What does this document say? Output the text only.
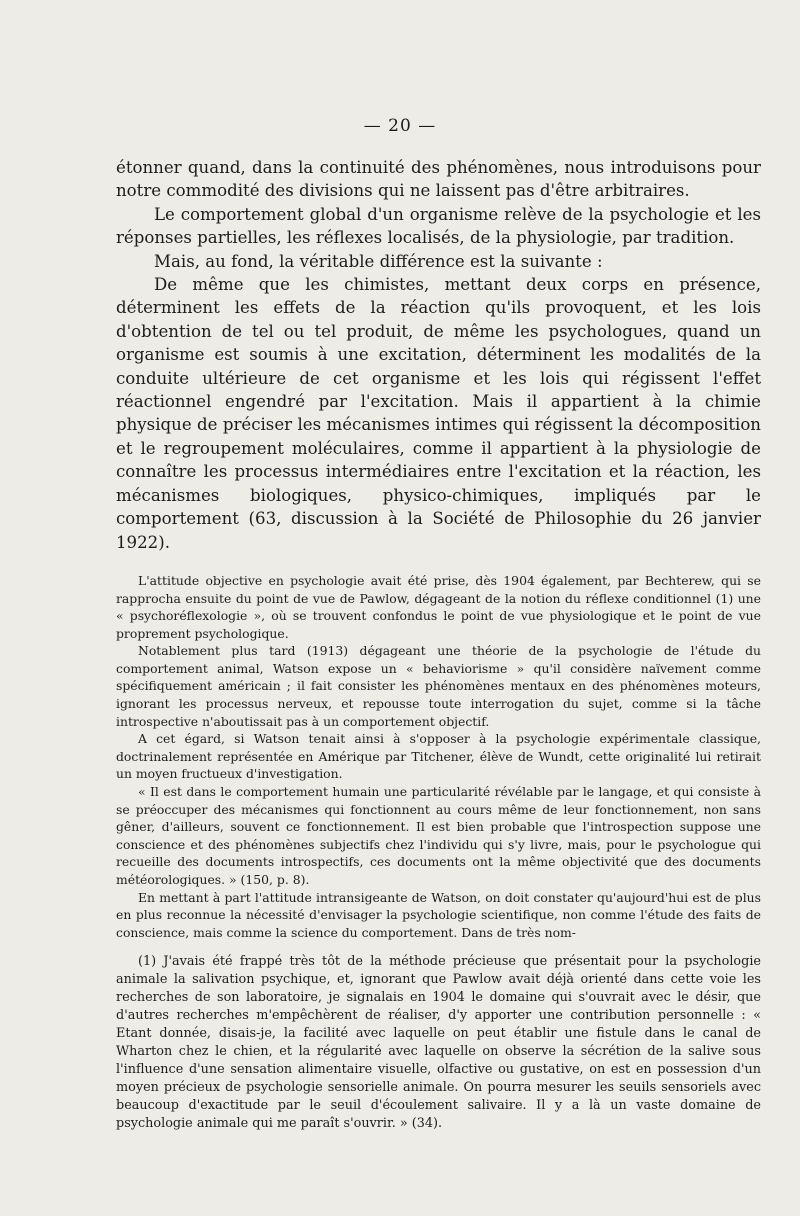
— 20 —

étonner quand, dans la continuité des phénomènes, nous introduisons pour notre commodité des divisions qui ne laissent pas d'être arbitraires.

Le comportement global d'un organisme relève de la psychologie et les réponses partielles, les réflexes localisés, de la physiologie, par tradition.

Mais, au fond, la véritable différence est la suivante :

De même que les chimistes, mettant deux corps en présence, déterminent les effets de la réaction qu'ils provoquent, et les lois d'obtention de tel ou tel produit, de même les psychologues, quand un organisme est soumis à une excitation, déterminent les modalités de la conduite ultérieure de cet organisme et les lois qui régissent l'effet réactionnel engendré par l'excitation. Mais il appartient à la chimie physique de préciser les mécanismes intimes qui régissent la décomposition et le regroupement moléculaires, comme il appartient à la physiologie de connaître les processus intermédiaires entre l'excitation et la réaction, les mécanismes biologiques, physico-chimiques, impliqués par le comportement (63, discussion à la Société de Philosophie du 26 janvier 1922).

L'attitude objective en psychologie avait été prise, dès 1904 également, par Bechterew, qui se rapprocha ensuite du point de vue de Pawlow, dégageant de la notion du réflexe conditionnel (1) une « psychoréflexologie », où se trouvent confondus le point de vue physiologique et le point de vue proprement psychologique.

Notablement plus tard (1913) dégageant une théorie de la psychologie de l'étude du comportement animal, Watson expose un « behaviorisme » qu'il considère naïvement comme spécifiquement américain ; il fait consister les phénomènes mentaux en des phénomènes moteurs, ignorant les processus nerveux, et repousse toute interrogation du sujet, comme si la tâche introspective n'aboutissait pas à un comportement objectif.

A cet égard, si Watson tenait ainsi à s'opposer à la psychologie expérimentale classique, doctrinalement représentée en Amérique par Titchener, élève de Wundt, cette originalité lui retirait un moyen fructueux d'investigation.

« Il est dans le comportement humain une particularité révélable par le langage, et qui consiste à se préoccuper des mécanismes qui fonctionnent au cours même de leur fonctionnement, non sans gêner, d'ailleurs, souvent ce fonctionnement. Il est bien probable que l'introspection suppose une conscience et des phénomènes subjectifs chez l'individu qui s'y livre, mais, pour le psychologue qui recueille des documents introspectifs, ces documents ont la même objectivité que des documents météorologiques. » (150, p. 8).

En mettant à part l'attitude intransigeante de Watson, on doit constater qu'aujourd'hui est de plus en plus reconnue la nécessité d'envisager la psychologie scientifique, non comme l'étude des faits de conscience, mais comme la science du comportement. Dans de très nom-

(1) J'avais été frappé très tôt de la méthode précieuse que présentait pour la psychologie animale la salivation psychique, et, ignorant que Pawlow avait déjà orienté dans cette voie les recherches de son laboratoire, je signalais en 1904 le domaine qui s'ouvrait avec le désir, que d'autres recherches m'empêchèrent de réaliser, d'y apporter une contribution personnelle : « Etant donnée, disais-je, la facilité avec laquelle on peut établir une fistule dans le canal de Wharton chez le chien, et la régularité avec laquelle on observe la sécrétion de la salive sous l'influence d'une sensation alimentaire visuelle, olfactive ou gustative, on est en possession d'un moyen précieux de psychologie sensorielle animale. On pourra mesurer les seuils sensoriels avec beaucoup d'exactitude par le seuil d'écoulement salivaire. Il y a là un vaste domaine de psychologie animale qui me paraît s'ouvrir. » (34).
